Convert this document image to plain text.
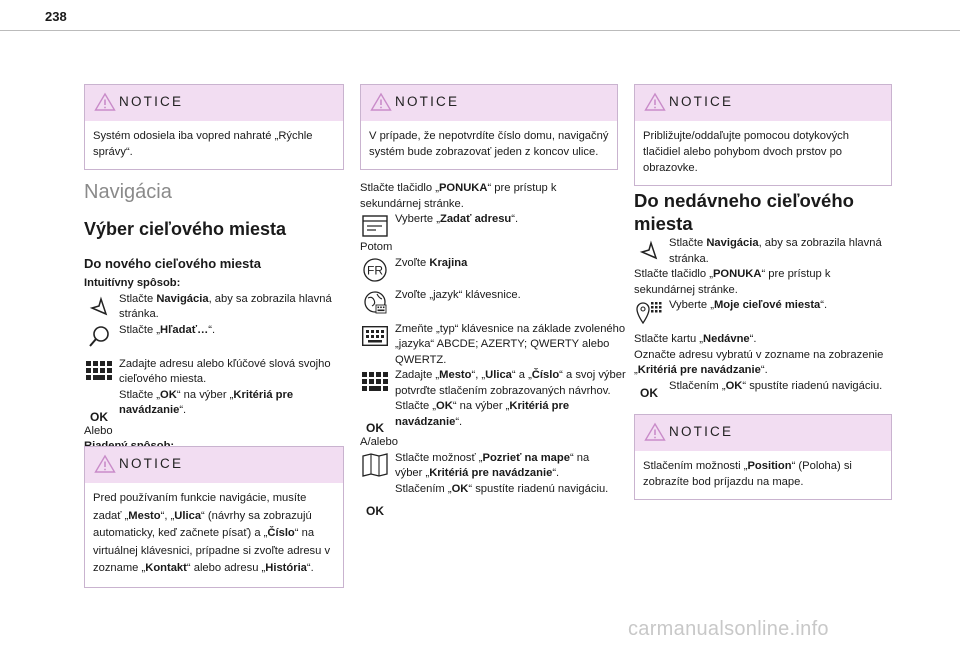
238
NOTICE
Systém odosiela iba vopred nahraté „Rýchle správy“.
Navigácia
Výber cieľového miesta
Do nového cieľového miesta
Intuitívny spôsob:
Stlačte Navigácia, aby sa zobrazila hlavná stránka.
Stlačte „Hľadať…“.
Zadajte adresu alebo kľúčové slová svojho cieľového miesta.
OK
Stlačte „OK“ na výber „Kritériá pre navádzanie“.
Alebo
NOTICE
Pred používaním funkcie navigácie, musíte zadať „Mesto“, „Ulica“ (návrhy sa zobrazujú automaticky, keď začnete písať) a „Číslo“ na virtuálnej klávesnici, prípadne si zvoľte adresu v zozname „Kontakt“ alebo adresu „História“.
NOTICE
V prípade, že nepotvrdíte číslo domu, navigačný systém bude zobrazovať jeden z koncov ulice.
Stlačte tlačidlo „PONUKA“ pre prístup k sekundárnej stránke.
Vyberte „Zadať adresu“.
Potom
FR
Zvoľte Krajina
Zvoľte „jazyk“ klávesnice.
Zmeňte „typ“ klávesnice na základe zvoleného „jazyka“ ABCDE; AZERTY; QWERTY alebo QWERTZ.
Zadajte „Mesto“, „Ulica“ a „Číslo“ a svoj výber potvrďte stlačením zobrazovaných návrhov.
OK
Stlačte „OK“ na výber „Kritériá pre navádzanie“.
A/alebo
Stlačte možnosť „Pozrieť na mape“ na výber „Kritériá pre navádzanie“.
OK
Stlačením „OK“ spustíte riadenú navigáciu.
NOTICE
Približujte/oddaľujte pomocou dotykových tlačidiel alebo pohybom dvoch prstov po obrazovke.
Do nedávneho cieľového miesta
Stlačte Navigácia, aby sa zobrazila hlavná stránka.
Stlačte tlačidlo „PONUKA“ pre prístup k sekundárnej stránke.
Vyberte „Moje cieľové miesta“.
Stlačte kartu „Nedávne“.
Označte adresu vybratú v zozname na zobrazenie „Kritériá pre navádzanie“.
OK Stlačením „OK“ spustíte riadenú navigáciu.
NOTICE
Stlačením možnosti „Position“ (Poloha) si zobrazíte bod príjazdu na mape.
carmanualsonline.info
